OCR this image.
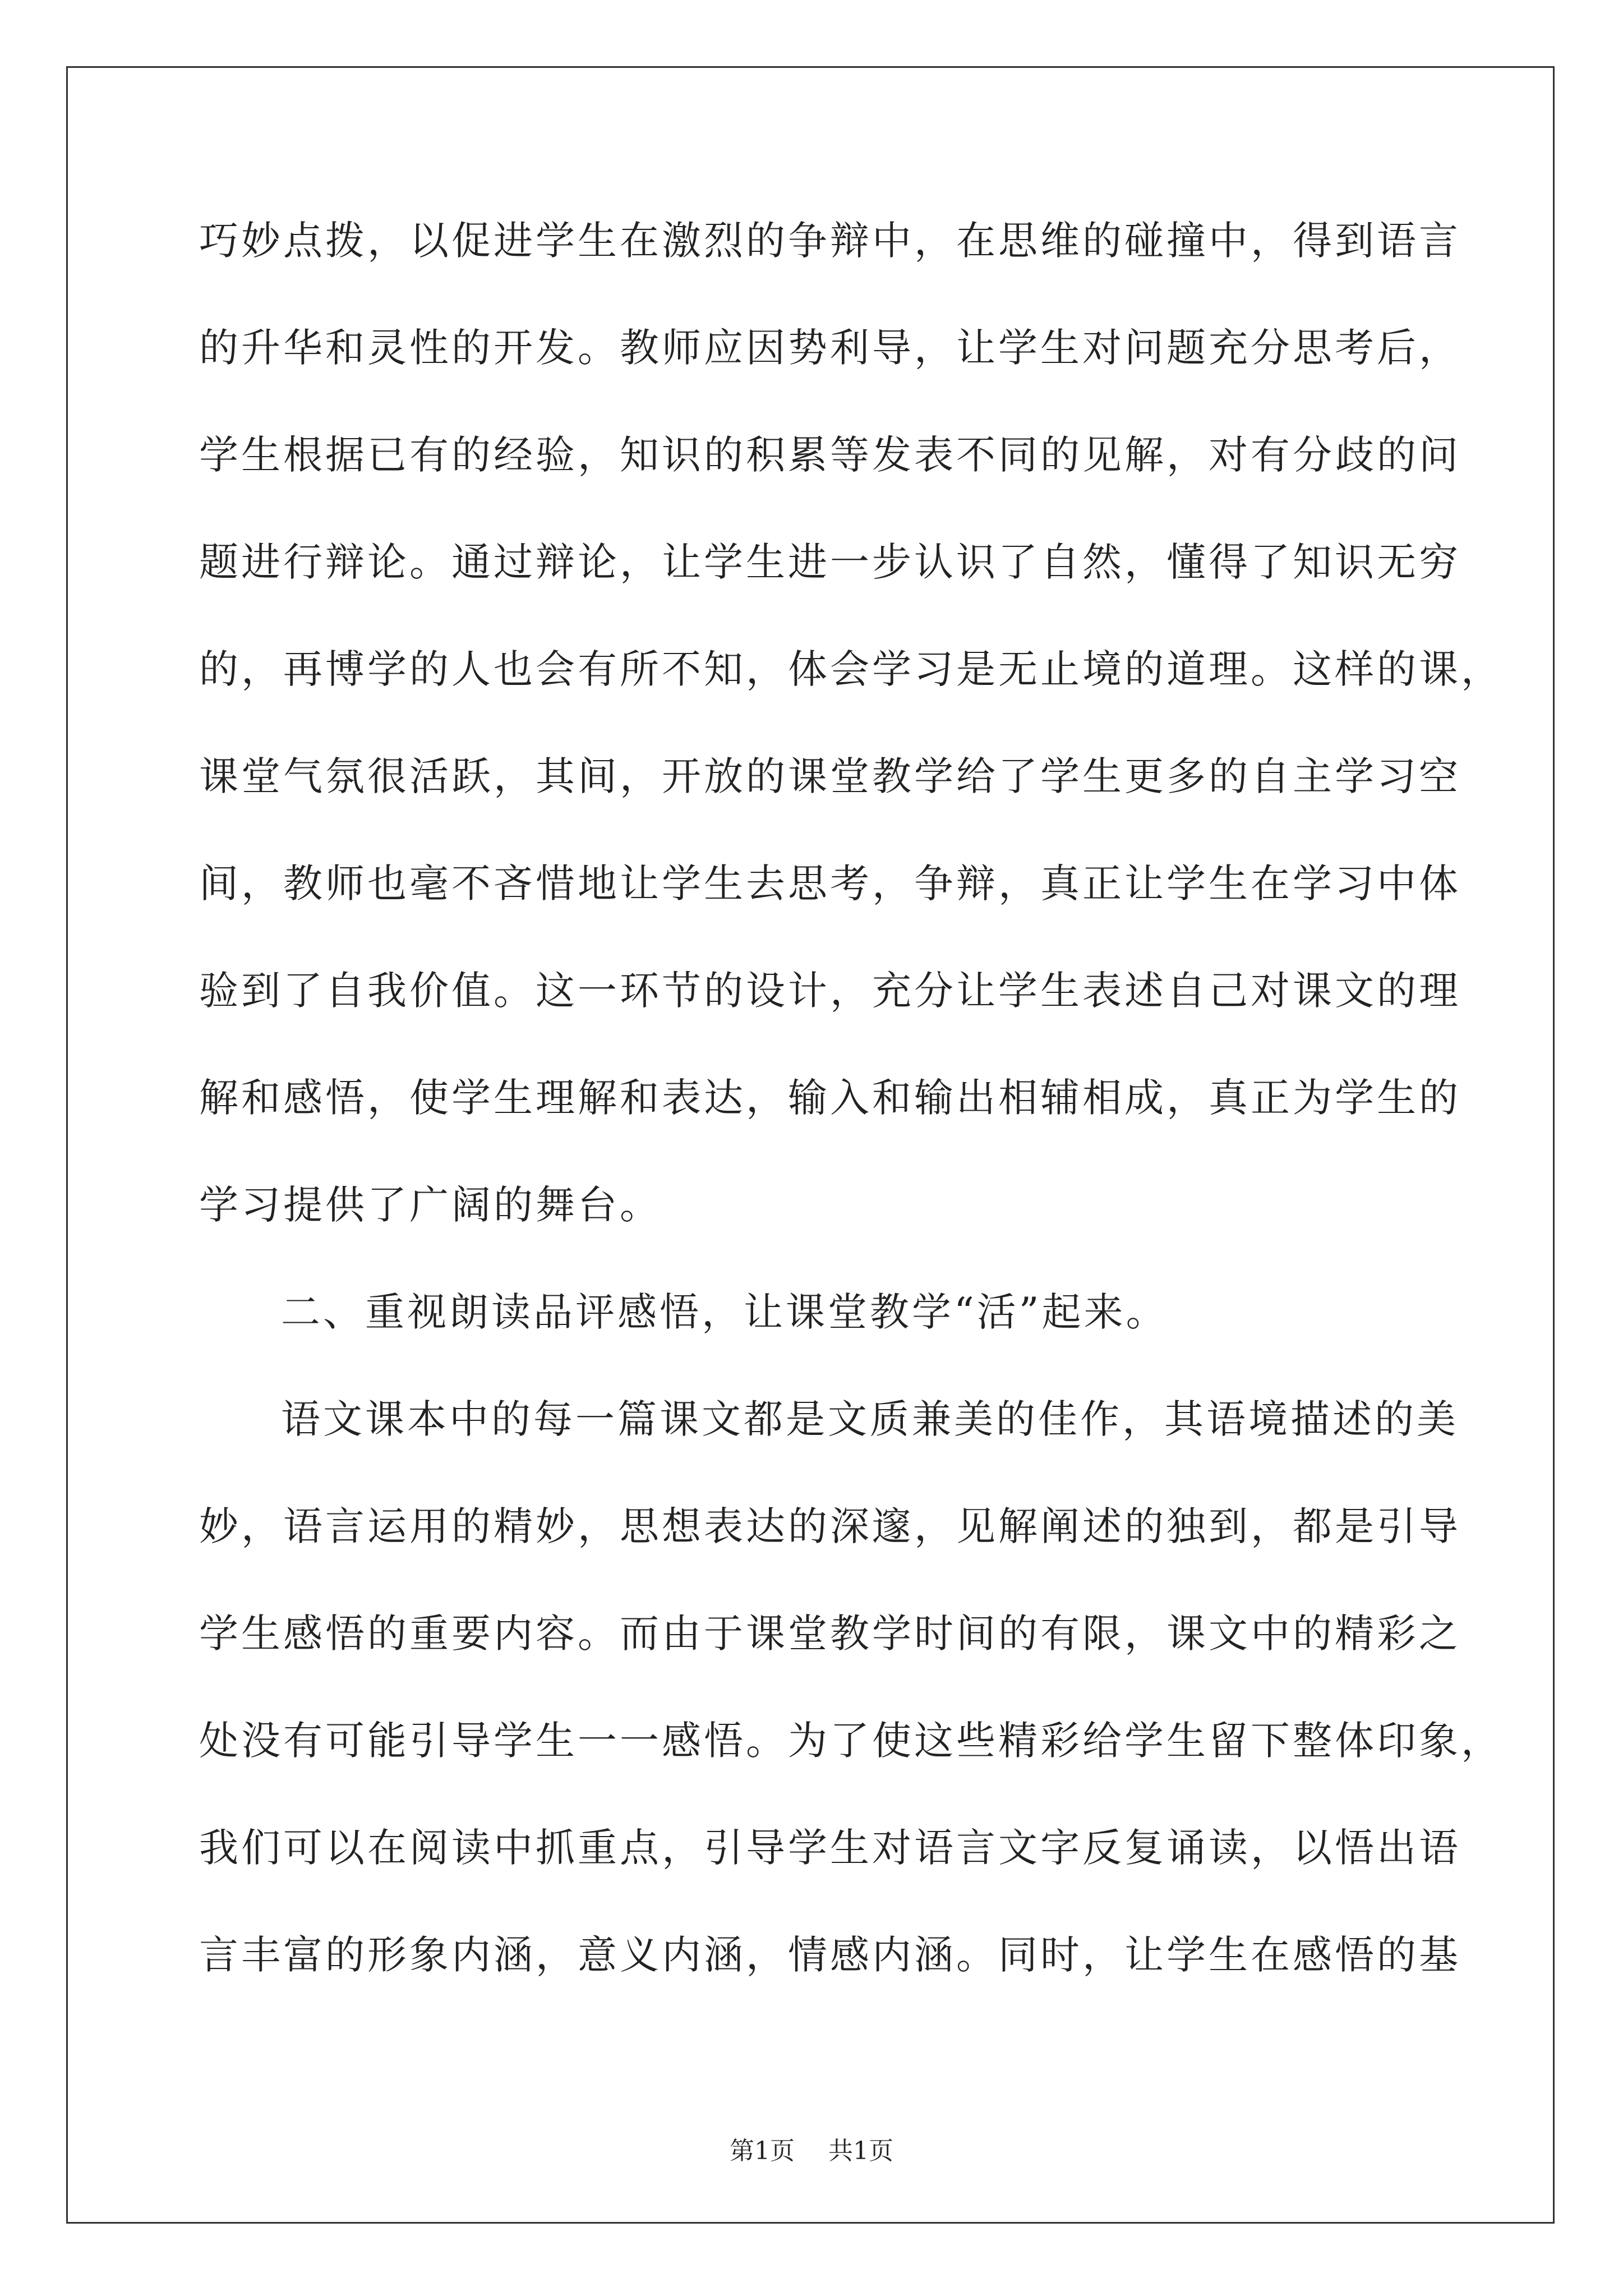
巧妙点拨，以促进学生在激烈的争辩中，在思维的碰撞中，得到语言
的升华和灵性的开发。教师应因势利导，让学生对问题充分思考后，
学生根据已有的经验，知识的积累等发表不同的见解，对有分歧的问
题进行辩论。通过辩论，让学生进一步认识了自然，懂得了知识无穷
的，再博学的人也会有所不知，体会学习是无止境的道理。这样的课，
课堂气氛很活跃，其间，开放的课堂教学给了学生更多的自主学习空
间，教师也毫不吝惜地让学生去思考，争辩，真正让学生在学习中体
验到了自我价值。这一环节的设计，充分让学生表述自己对课文的理
解和感悟，使学生理解和表达，输入和输出相辅相成，真正为学生的
学习提供了广阔的舞台。
二、重视朗读品评感悟，让课堂教学“活”起来。
语文课本中的每一篇课文都是文质兼美的佳作，其语境描述的美
妙，语言运用的精妙，思想表达的深邃，见解阐述的独到，都是引导
学生感悟的重要内容。而由于课堂教学时间的有限，课文中的精彩之
处没有可能引导学生一一感悟。为了使这些精彩给学生留下整体印象，
我们可以在阅读中抓重点，引导学生对语言文字反复诵读，以悟出语
言丰富的形象内涵，意义内涵，情感内涵。同时，让学生在感悟的基
第1页 共1页
